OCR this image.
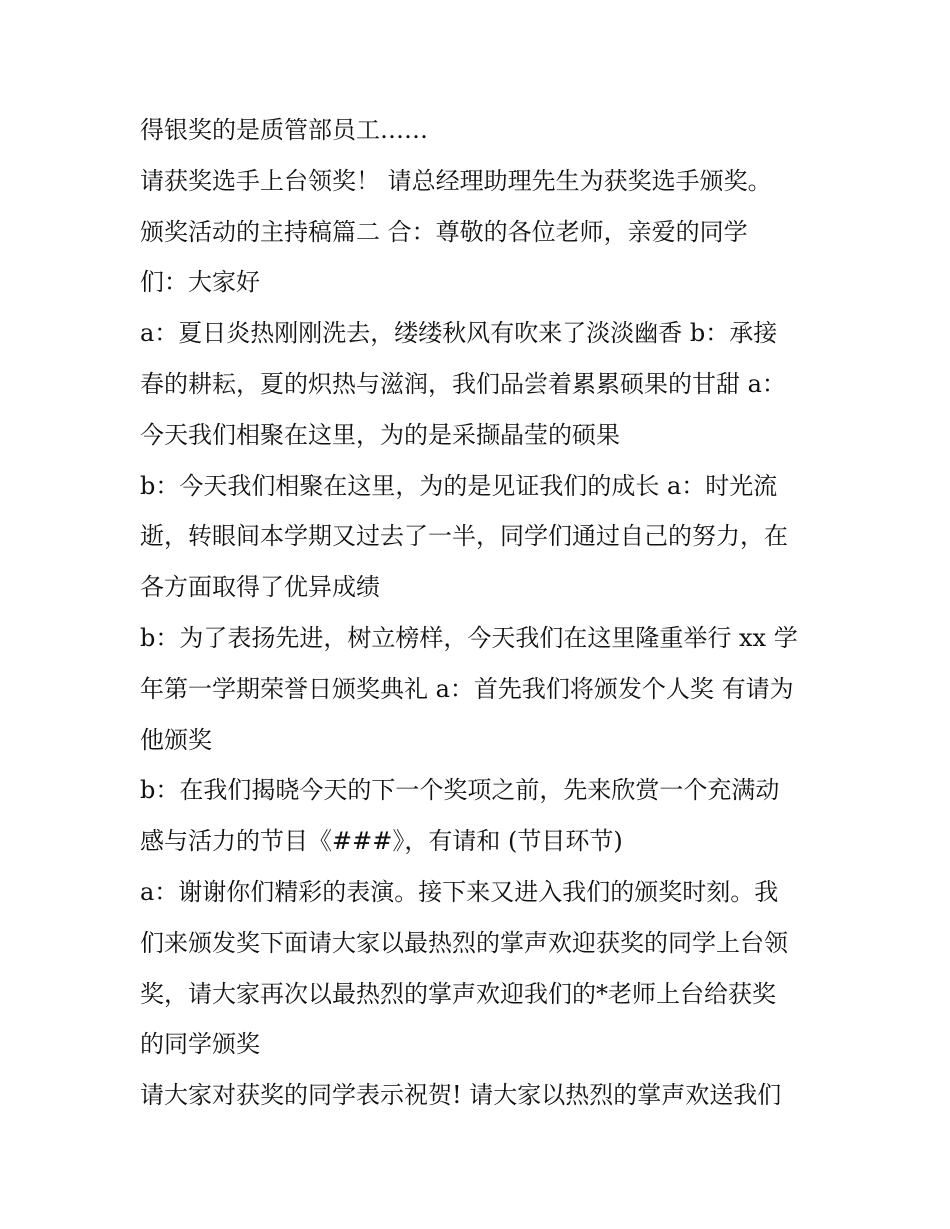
得银奖的是质管部员工……
请获奖选手上台领奖！ 请总经理助理先生为获奖选手颁奖。
颁奖活动的主持稿篇二 合：尊敬的各位老师，亲爱的同学
们：大家好
a：夏日炎热刚刚洗去，缕缕秋风有吹来了淡淡幽香 b：承接
春的耕耘，夏的炽热与滋润，我们品尝着累累硕果的甘甜 a：
今天我们相聚在这里，为的是采撷晶莹的硕果
b：今天我们相聚在这里，为的是见证我们的成长 a：时光流
逝，转眼间本学期又过去了一半，同学们通过自己的努力，在
各方面取得了优异成绩
b：为了表扬先进，树立榜样，今天我们在这里隆重举行 xx 学
年第一学期荣誉日颁奖典礼 a：首先我们将颁发个人奖 有请为
他颁奖
b：在我们揭晓今天的下一个奖项之前，先来欣赏一个充满动
感与活力的节目《###》，有请和 (节目环节)
a：谢谢你们精彩的表演。接下来又进入我们的颁奖时刻。我
们来颁发奖下面请大家以最热烈的掌声欢迎获奖的同学上台领
奖，请大家再次以最热烈的掌声欢迎我们的*老师上台给获奖
的同学颁奖
请大家对获奖的同学表示祝贺! 请大家以热烈的掌声欢送我们
